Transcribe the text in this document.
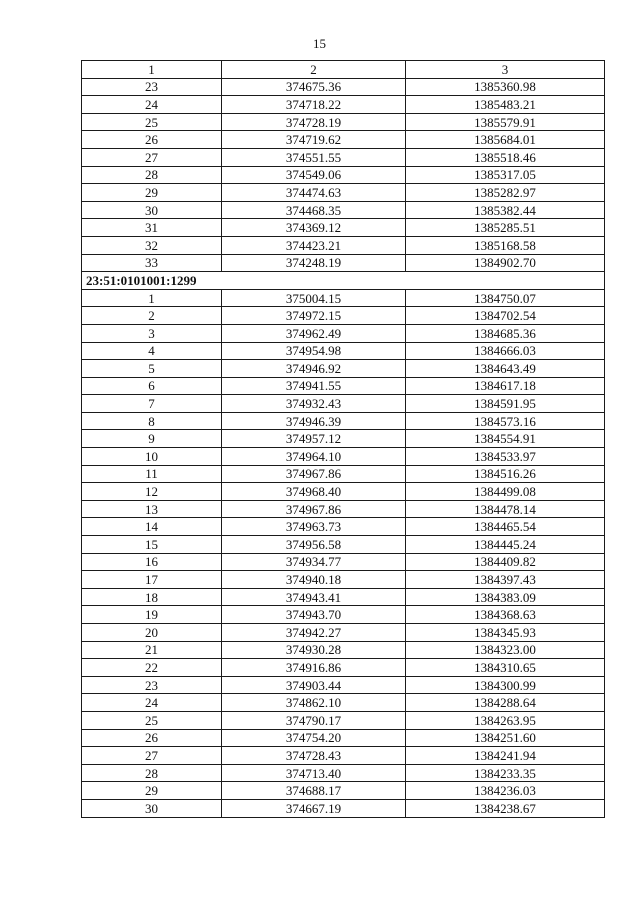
15
1	2	3
23	374675.36	1385360.98
24	374718.22	1385483.21
25	374728.19	1385579.91
26	374719.62	1385684.01
27	374551.55	1385518.46
28	374549.06	1385317.05
29	374474.63	1385282.97
30	374468.35	1385382.44
31	374369.12	1385285.51
32	374423.21	1385168.58
33	374248.19	1384902.70
23:51:0101001:1299		
1	375004.15	1384750.07
2	374972.15	1384702.54
3	374962.49	1384685.36
4	374954.98	1384666.03
5	374946.92	1384643.49
6	374941.55	1384617.18
7	374932.43	1384591.95
8	374946.39	1384573.16
9	374957.12	1384554.91
10	374964.10	1384533.97
11	374967.86	1384516.26
12	374968.40	1384499.08
13	374967.86	1384478.14
14	374963.73	1384465.54
15	374956.58	1384445.24
16	374934.77	1384409.82
17	374940.18	1384397.43
18	374943.41	1384383.09
19	374943.70	1384368.63
20	374942.27	1384345.93
21	374930.28	1384323.00
22	374916.86	1384310.65
23	374903.44	1384300.99
24	374862.10	1384288.64
25	374790.17	1384263.95
26	374754.20	1384251.60
27	374728.43	1384241.94
28	374713.40	1384233.35
29	374688.17	1384236.03
30	374667.19	1384238.67
